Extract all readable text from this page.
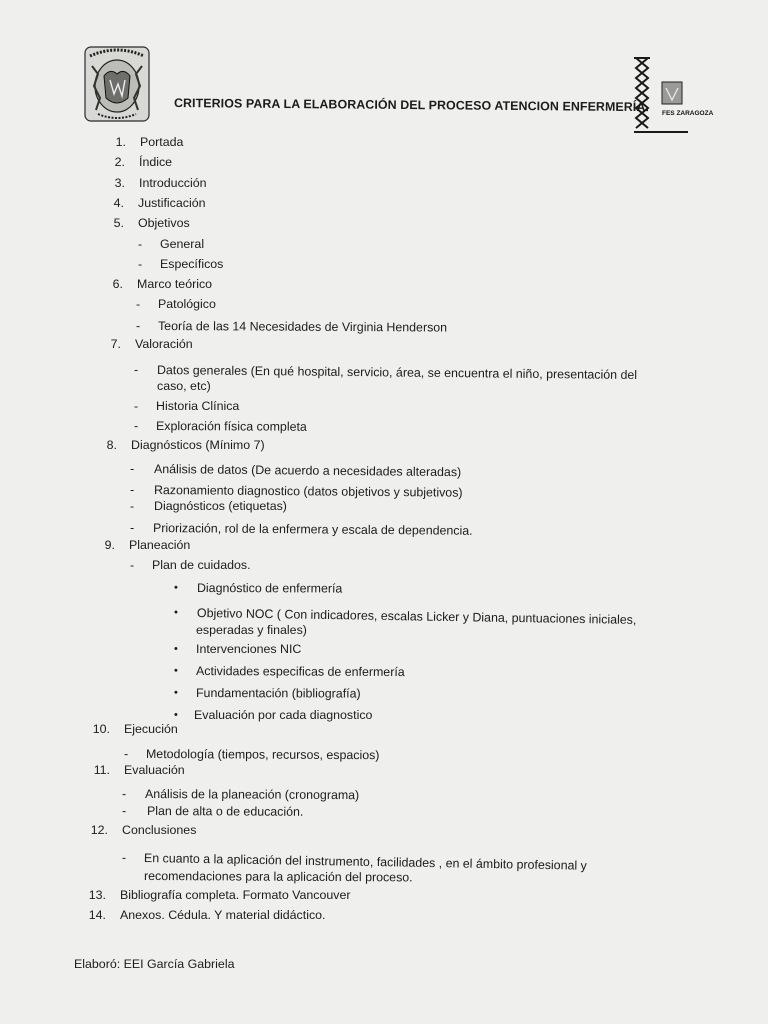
CRITERIOS PARA LA ELABORACIÓN DEL PROCESO ATENCION ENFERMERÍA. FES ZARAGOZA
1. Portada
2. Índice
3. Introducción
4. Justificación
5. Objetivos
- General
- Específicos
6. Marco teórico
- Patológico
- Teoría de las 14 Necesidades de Virginia Henderson
7. Valoración
- Datos generales (En qué hospital, servicio, área, se encuentra el niño, presentación del
caso, etc)
- Historia Clínica
- Exploración física completa
8. Diagnósticos (Mínimo 7)
- Análisis de datos (De acuerdo a necesidades alteradas)
- Razonamiento diagnostico (datos objetivos y subjetivos)
- Diagnósticos (etiquetas)
- Priorización, rol de la enfermera y escala de dependencia.
9. Planeación
- Plan de cuidados.
• Diagnóstico de enfermería
• Objetivo NOC ( Con indicadores, escalas Licker y Diana, puntuaciones iniciales,
esperadas y finales)
• Intervenciones NIC
• Actividades especificas de enfermería
• Fundamentación (bibliografía)
• Evaluación por cada diagnostico
10. Ejecución
- Metodología (tiempos, recursos, espacios)
11. Evaluación
- Análisis de la planeación (cronograma)
- Plan de alta o de educación.
12. Conclusiones
- En cuanto a la aplicación del instrumento, facilidades , en el ámbito profesional y
recomendaciones para la aplicación del proceso.
13. Bibliografía completa. Formato Vancouver
14. Anexos. Cédula. Y material didáctico.
Elaboró: EEI García Gabriela
